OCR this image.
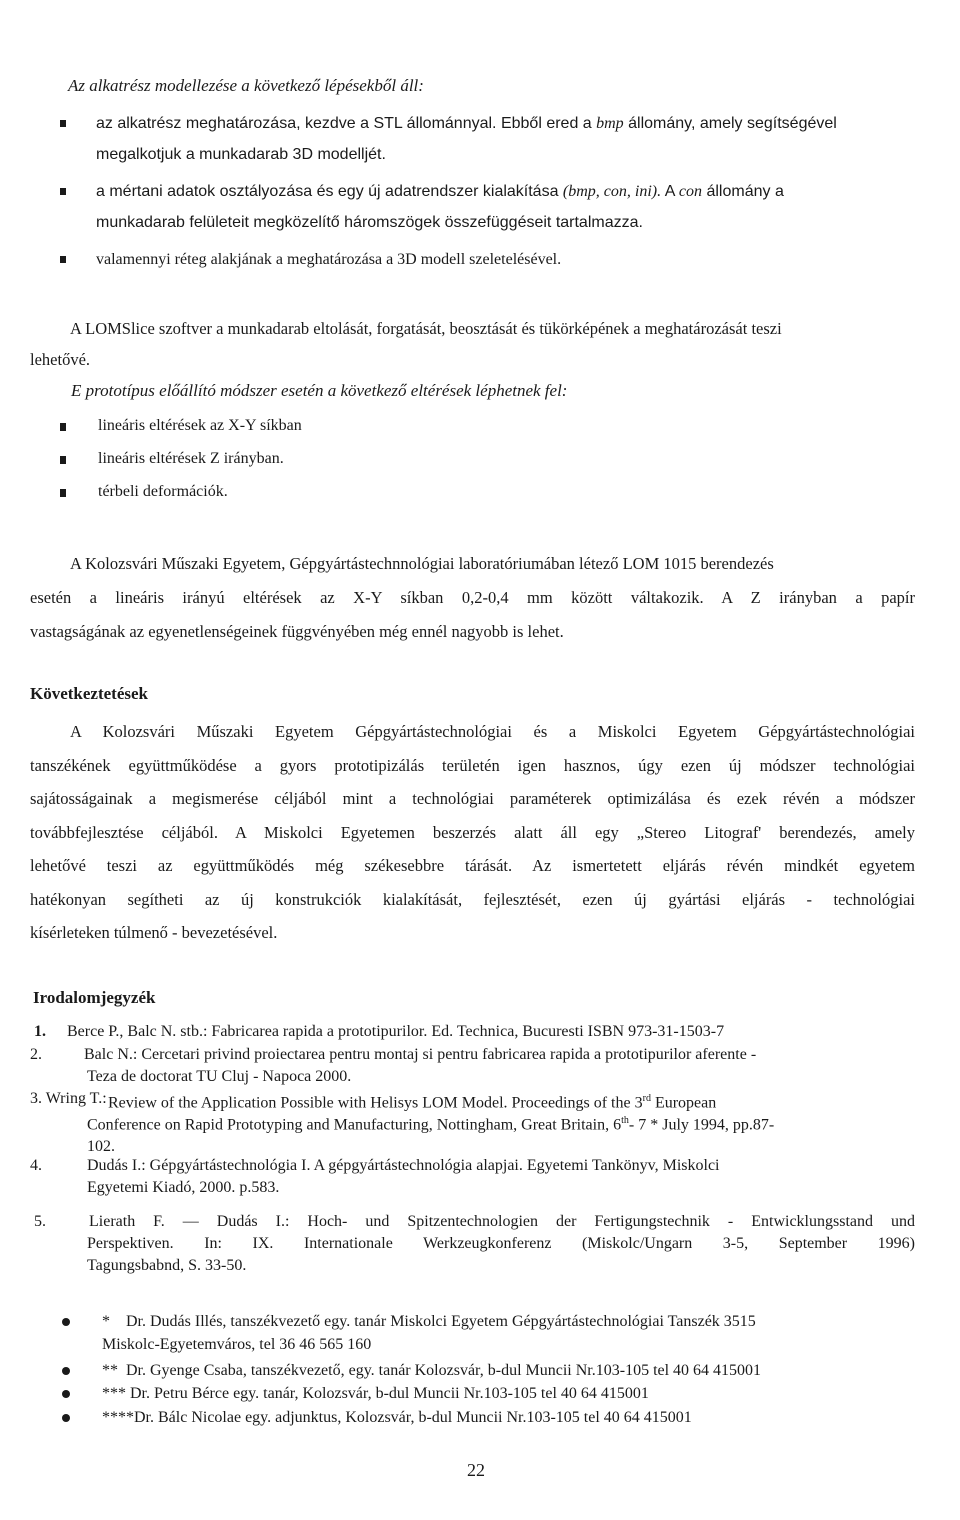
Az alkatrész modellezése a következő lépésekből áll:
az alkatrész meghatározása, kezdve a STL állománnyal. Ebből ered a bmp állomány, amely segítségével
megalkotjuk a munkadarab 3D modelljét.
a mértani adatok osztályozása és egy új adatrendszer kialakítása (bmp, con, ini). A con állomány a
munkadarab felületeit megközelítő háromszögek összefüggéseit tartalmazza.
valamennyi réteg alakjának a meghatározása a 3D modell szeletelésével.
A LOMSlice szoftver a munkadarab eltolását, forgatását, beosztását és tükörképének a meghatározását teszi
lehetővé.
E prototípus előállító módszer esetén a következő eltérések léphetnek fel:
lineáris eltérések az X-Y síkban
lineáris eltérések Z irányban.
térbeli deformációk.
A Kolozsvári Műszaki Egyetem, Gépgyártástechnnológiai laboratóriumában létező LOM 1015 berendezés
esetén a lineáris irányú eltérések az X-Y síkban 0,2-0,4 mm között váltakozik. A Z irányban a papír
vastagságának az egyenetlenségeinek függvényében még ennél nagyobb is lehet.
Következtetések
A Kolozsvári Műszaki Egyetem Gépgyártástechnológiai és a Miskolci Egyetem Gépgyártástechnológiai
tanszékének együttműködése a gyors prototipizálás területén igen hasznos, úgy ezen új módszer technológiai
sajátosságainak a megismerése céljából mint a technológiai paraméterek optimizálása és ezek révén a módszer
továbbfejlesztése céljából. A Miskolci Egyetemen beszerzés alatt áll egy „Stereo Litograf' berendezés, amely
lehetővé teszi az együttműködés még székesebbre tárását. Az ismertetett eljárás révén mindkét egyetem
hatékonyan segítheti az új konstrukciók kialakítását, fejlesztését, ezen új gyártási eljárás - technológiai
kísérleteken túlmenő - bevezetésével.
Irodalomjegyzék
1. Berce P., Balc N. stb.: Fabricarea rapida a prototipurilor. Ed. Technica, Bucuresti ISBN 973-31-1503-7
2.	Balc N.: Cercetari privind proiectarea pentru montaj si pentru fabricarea rapida a prototipurilor aferente -
Teza de doctorat TU Cluj - Napoca 2000.
3. Wring T.: Review of the Application Possible with Helisys LOM Model. Proceedings of the 3rd European
Conference on Rapid Prototyping and Manufacturing, Nottingham, Great Britain, 6th- 7 * July 1994, pp.87-
102.
4.	Dudás I.: Gépgyártástechnológia I. A gépgyártástechnológia alapjai. Egyetemi Tankönyv, Miskolci
Egyetemi Kiadó, 2000. p.583.
5.	Lierath F. — Dudás I.: Hoch- und Spitzentechnologien der Fertigungstechnik - Entwicklungsstand und
Perspektiven.  In:  IX.  Internationale  Werkzeugkonferenz  (Miskolc/Ungarn  3-5,  September  1996)
Tagungsbabnd, S. 33-50.
*    Dr. Dudás Illés, tanszékvezető egy. tanár Miskolci Egyetem Gépgyártástechnológiai Tanszék 3515
Miskolc-Egyetemváros, tel 36 46 565 160
**  Dr. Gyenge Csaba, tanszékvezető, egy. tanár Kolozsvár, b-dul Muncii Nr.103-105 tel 40 64 415001
*** Dr. Petru Bérce egy. tanár, Kolozsvár, b-dul Muncii Nr.103-105 tel 40 64 415001
****Dr. Bálc Nicolae egy. adjunktus, Kolozsvár, b-dul Muncii Nr.103-105 tel 40 64 415001
22
